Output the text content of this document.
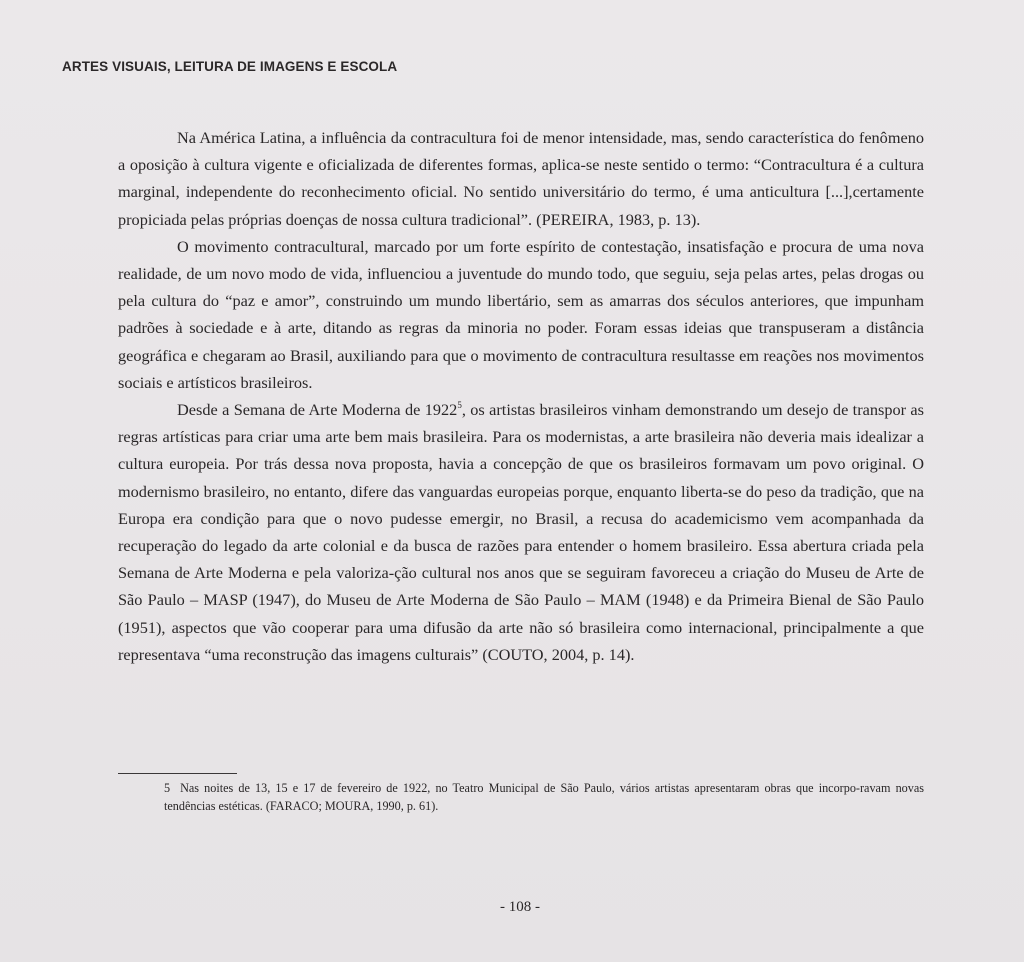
ARTES VISUAIS, LEITURA DE IMAGENS E ESCOLA

Na América Latina, a influência da contracultura foi de menor intensidade, mas, sendo característica do fenômeno a oposição à cultura vigente e oficializada de diferentes formas, aplica-se neste sentido o termo: “Contracultura é a cultura marginal, independente do reconhecimento oficial. No sentido universitário do termo, é uma anticultura [...],certamente propiciada pelas próprias doenças de nossa cultura tradicional”. (PEREIRA, 1983, p. 13).

O movimento contracultural, marcado por um forte espírito de contestação, insatisfação e procura de uma nova realidade, de um novo modo de vida, influenciou a juventude do mundo todo, que seguiu, seja pelas artes, pelas drogas ou pela cultura do “paz e amor”, construindo um mundo libertário, sem as amarras dos séculos anteriores, que impunham padrões à sociedade e à arte, ditando as regras da minoria no poder. Foram essas ideias que transpuseram a distância geográfica e chegaram ao Brasil, auxiliando para que o movimento de contracultura resultasse em reações nos movimentos sociais e artísticos brasileiros.

Desde a Semana de Arte Moderna de 1922$^5$, os artistas brasileiros vinham demonstrando um desejo de transpor as regras artísticas para criar uma arte bem mais brasileira. Para os modernistas, a arte brasileira não deveria mais idealizar a cultura europeia. Por trás dessa nova proposta, havia a concepção de que os brasileiros formavam um povo original. O modernismo brasileiro, no entanto, difere das vanguardas europeias porque, enquanto liberta-se do peso da tradição, que na Europa era condição para que o novo pudesse emergir, no Brasil, a recusa do academicismo vem acompanhada da recuperação do legado da arte colonial e da busca de razões para entender o homem brasileiro. Essa abertura criada pela Semana de Arte Moderna e pela valoriza-ção cultural nos anos que se seguiram favoreceu a criação do Museu de Arte de São Paulo – MASP (1947), do Museu de Arte Moderna de São Paulo – MAM (1948) e da Primeira Bienal de São Paulo (1951), aspectos que vão cooperar para uma difusão da arte não só brasileira como internacional, principalmente a que representava “uma reconstrução das imagens culturais” (COUTO, 2004, p. 14).

5 Nas noites de 13, 15 e 17 de fevereiro de 1922, no Teatro Municipal de São Paulo, vários artistas apresentaram obras que incorpo-ravam novas tendências estéticas. (FARACO; MOURA, 1990, p. 61).
- 108 -
